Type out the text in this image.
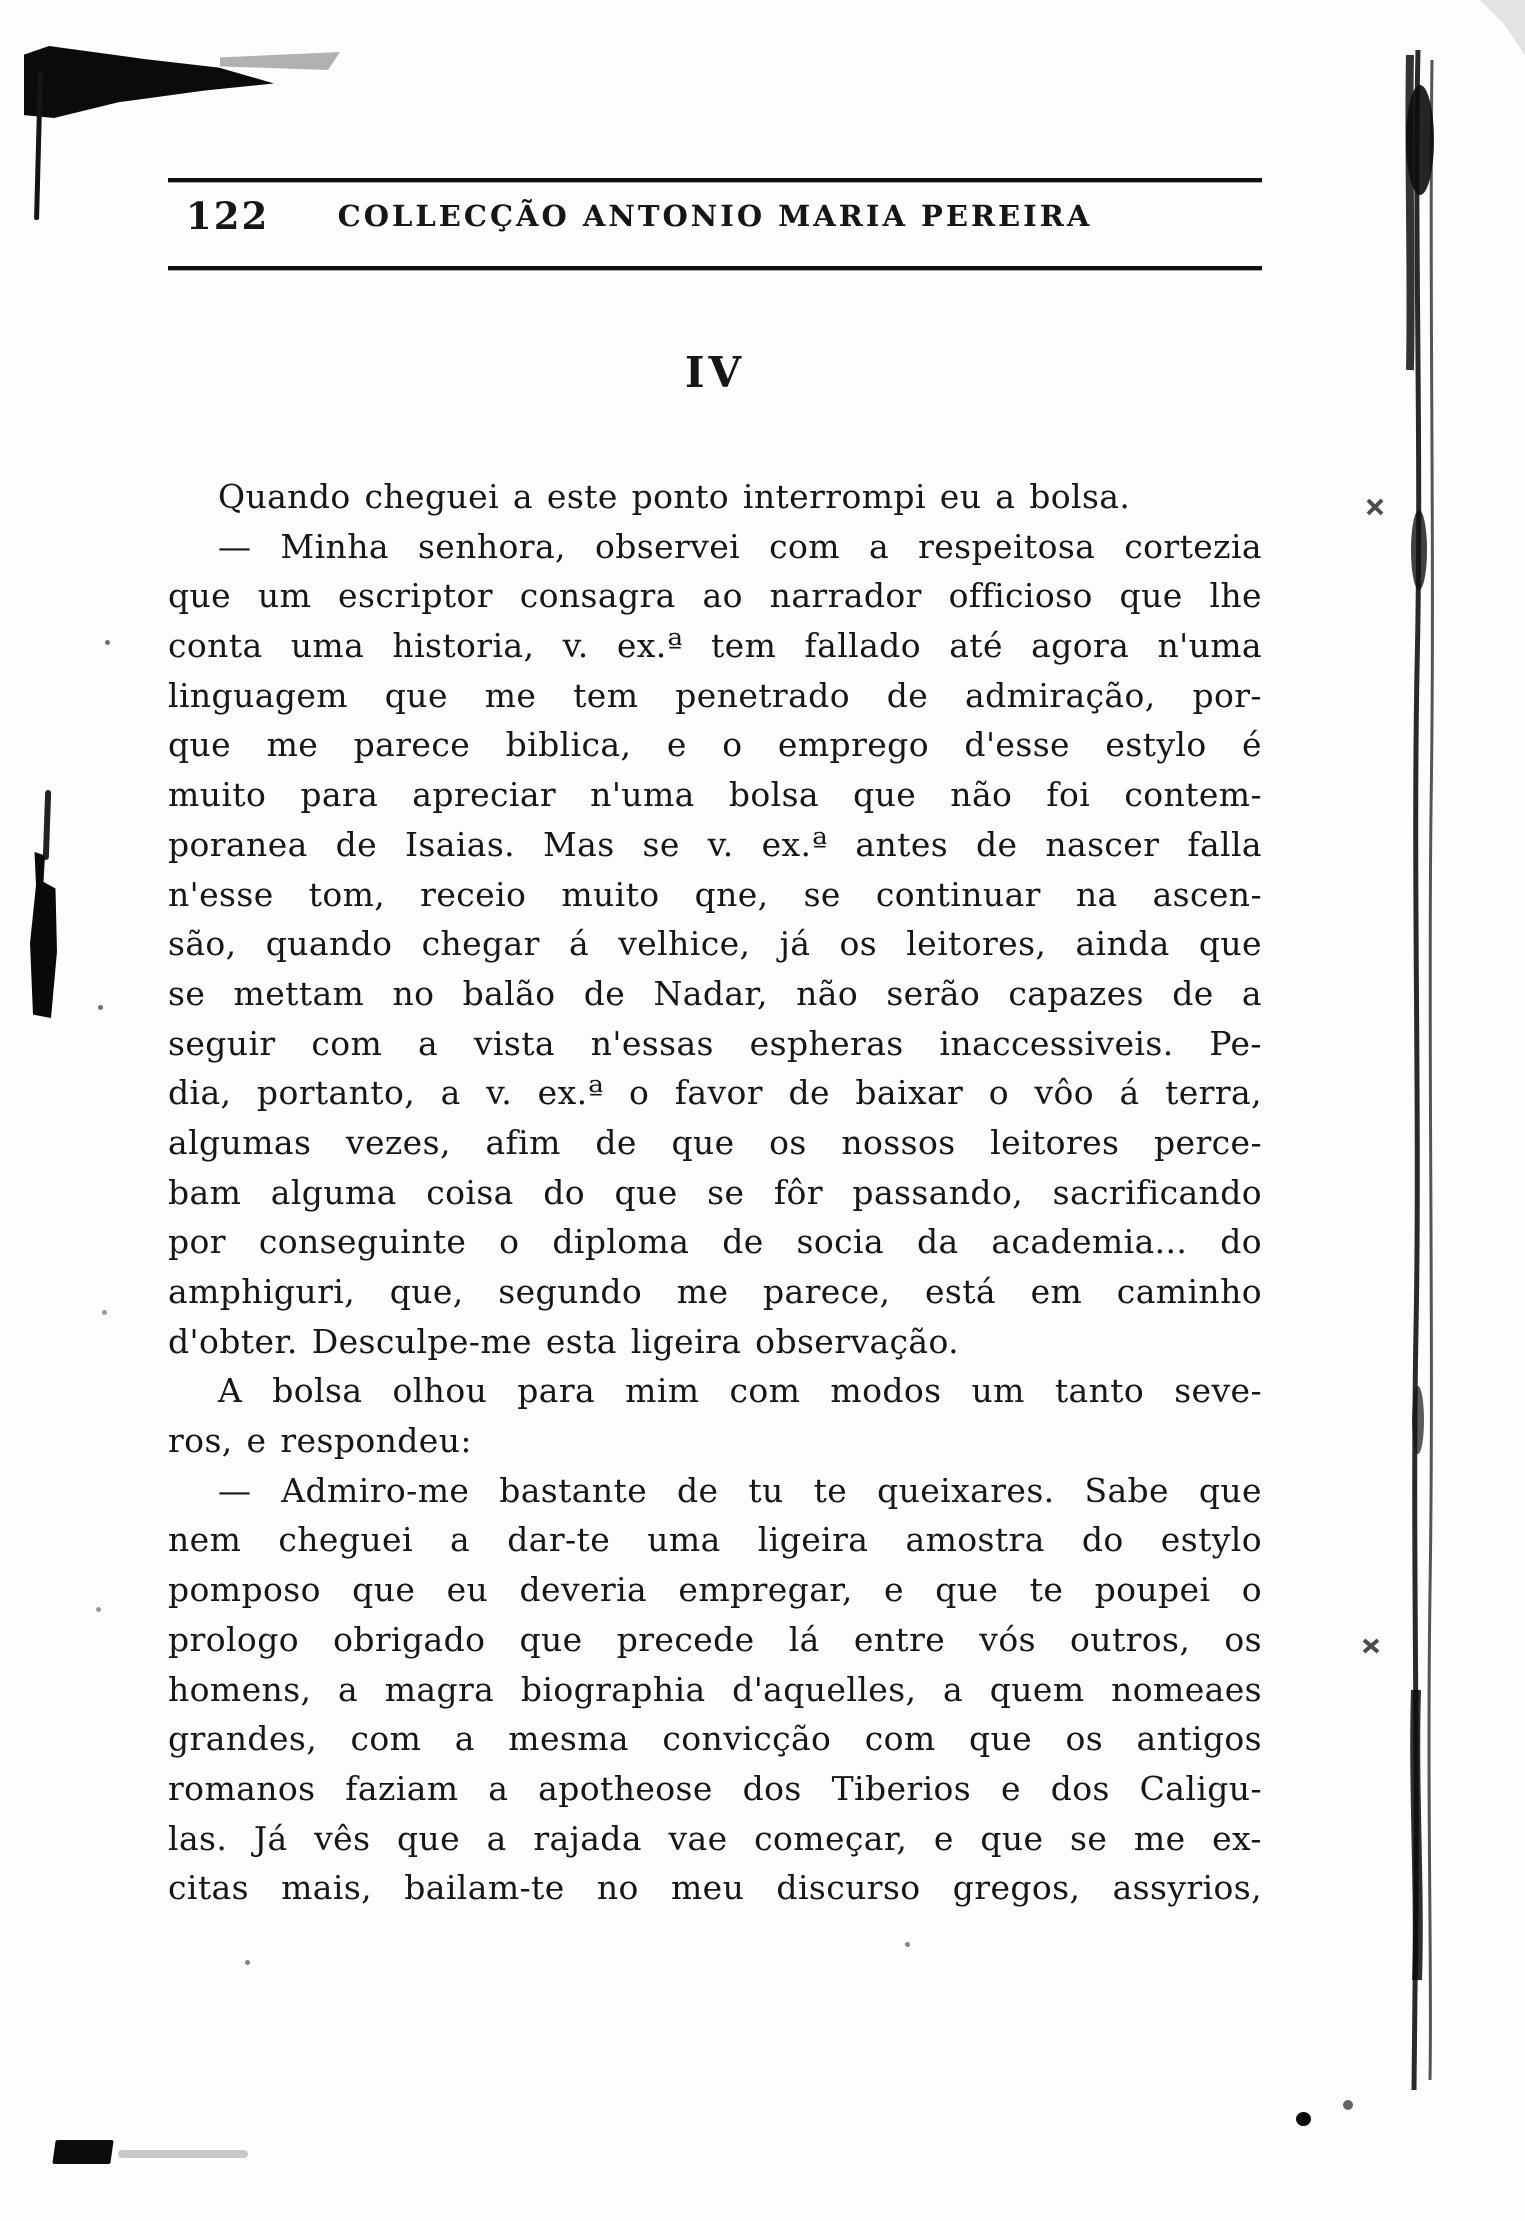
122	COLLECÇÃO ANTONIO MARIA PEREIRA
IV
Quando cheguei a este ponto interrompi eu a bolsa.
— Minha senhora, observei com a respeitosa cortezia
que um escriptor consagra ao narrador officioso que lhe
conta uma historia, v. ex.ª tem fallado até agora n'uma
linguagem que me tem penetrado de admiração, por-
que me parece biblica, e o emprego d'esse estylo é
muito para apreciar n'uma bolsa que não foi contem-
poranea de Isaias. Mas se v. ex.ª antes de nascer falla
n'esse tom, receio muito qne, se continuar na ascen-
são, quando chegar á velhice, já os leitores, ainda que
se mettam no balão de Nadar, não serão capazes de a
seguir com a vista n'essas espheras inaccessiveis. Pe-
dia, portanto, a v. ex.ª o favor de baixar o vôo á terra,
algumas vezes, afim de que os nossos leitores perce-
bam alguma coisa do que se fôr passando, sacrificando
por conseguinte o diploma de socia da academia... do
amphiguri, que, segundo me parece, está em caminho
d'obter. Desculpe-me esta ligeira observação.
A bolsa olhou para mim com modos um tanto seve-
ros, e respondeu:
— Admiro-me bastante de tu te queixares. Sabe que
nem cheguei a dar-te uma ligeira amostra do estylo
pomposo que eu deveria empregar, e que te poupei o
prologo obrigado que precede lá entre vós outros, os
homens, a magra biographia d'aquelles, a quem nomeaes
grandes, com a mesma convicção com que os antigos
romanos faziam a apotheose dos Tiberios e dos Caligu-
las. Já vês que a rajada vae começar, e que se me ex-
citas mais, bailam-te no meu discurso gregos, assyrios,
